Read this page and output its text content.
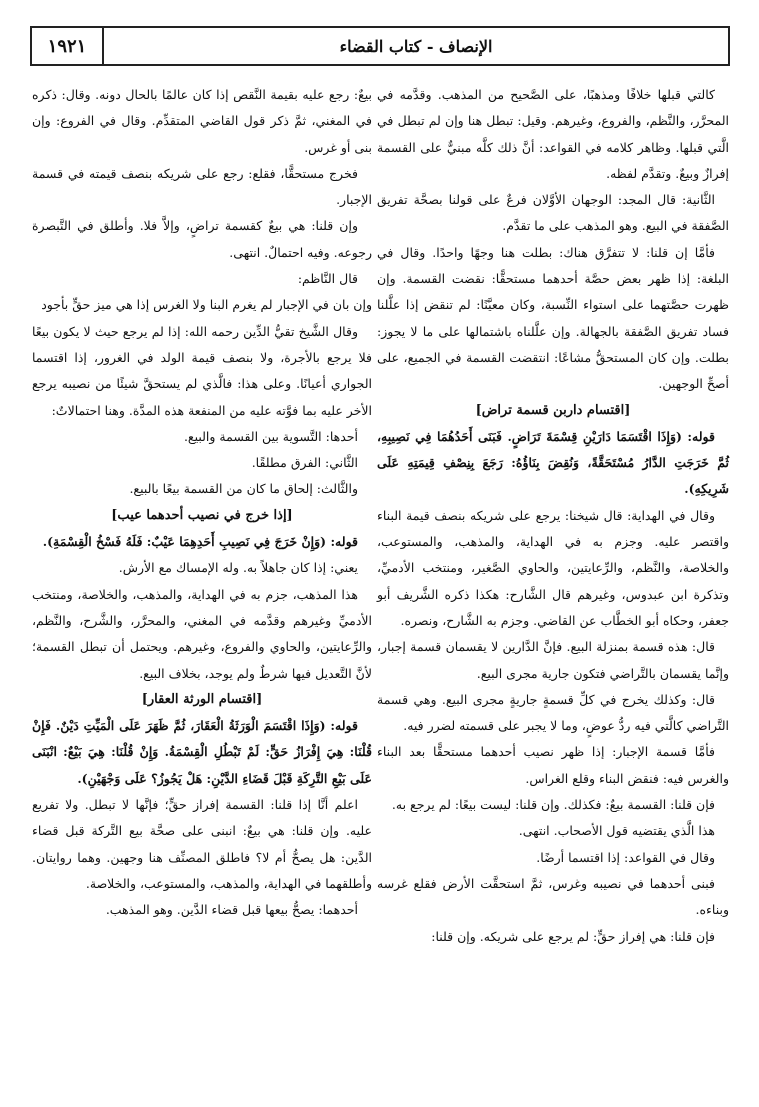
١٩٢١	الإنصاف - كتاب القضاء

كالتي قبلها خلافًا ومذهبًا، على الصَّحيح من المذهب. وقدَّمه في المحرَّر، والنَّظم، والفروع، وغيرهم. وقيل: تبطل هنا وإن لم تبطل في الَّتي قبلها. وظاهر كلامه في القواعد: أنَّ ذلك كلَّه مبنيٌّ على القسمة إفرازٌ وبيعٌ. وتقدَّم لفظه.

الثَّانية: قال المجد: الوجهان الأوَّلان فرعٌ على قولنا بصحَّة تفريق الصَّفقة في البيع. وهو المذهب على ما تقدَّم.

فأمَّا إن قلنا: لا تتفرَّق هناك: بطلت هنا وجهًا واحدًا. وقال في البلغة: إذا ظهر بعض حصَّة أحدهما مستحقًّا: نقضت القسمة. وإن ظهرت حصَّتهما على استواء النِّسبة، وكان معيَّنًا: لم تنقض إذا علَّلنا فساد تفريق الصَّفقة بالجهالة. وإن علَّلناه باشتمالها على ما لا يجوز: بطلت. وإن كان المستحقُّ مشاعًا: انتقضت القسمة في الجميع، على أصحِّ الوجهين.

[اقتسام داربن قسمة تراض]

قوله: (وَإِذَا اقْتَسَمَا دَارَيْنِ قِسْمَةَ تَرَاضٍ. فَبَنَى أَحَدُهُمَا فِي نَصِيبِهِ، ثُمَّ خَرَجَتِ الدَّارُ مُسْتَحَقَّةً، وَنُقِضَ بِنَاؤُهُ: رَجَعَ بِنِصْفِ قِيمَتِهِ عَلَى شَرِيكِهِ).

وقال في الهداية: قال شيخنا: يرجع على شريكه بنصف قيمة البناء واقتصر عليه. وجزم به في الهداية، والمذهب، والمستوعب، والخلاصة، والنَّظم، والرِّعايتين، والحاوي الصَّغير، ومنتخب الأدميِّ، وتذكرة ابن عبدوس، وغيرهم قال الشَّارح: هكذا ذكره الشَّريف أبو جعفر، وحكاه أبو الخطَّاب عن القاضي. وجزم به الشَّارح، ونصره.

قال: هذه قسمة بمنزلة البيع. فإنَّ الدَّارين لا يقسمان قسمة إجبار، وإنَّما يقسمان بالتَّراضي فتكون جارية مجرى البيع.

قال: وكذلك يخرج في كلِّ قسمةٍ جاريةٍ مجرى البيع. وهي قسمة التَّراضي كالَّتي فيه ردُّ عوضٍ، وما لا يجبر على قسمته لضرر فيه.

فأمَّا قسمة الإجبار: إذا ظهر نصيب أحدهما مستحقًّا بعد البناء والغرس فيه: فنقض البناء وقلع الغراس.

فإن قلنا: القسمة بيعٌ: فكذلك. وإن قلنا: ليست بيعًا: لم يرجع به.

هذا الَّذي يقتضيه قول الأصحاب. انتهى.

وقال في القواعد: إذا اقتسما أرضًا.

فبنى أحدهما في نصيبه وغرس، ثمَّ استحقَّت الأرض فقلع غرسه وبناءه.

فإن قلنا: هي إفراز حقٍّ: لم يرجع على شريكه. وإن قلنا:

بيعٌ: رجع عليه بقيمة النَّقص إذا كان عالمًا بالحال دونه. وقال: ذكره في المغني، ثمَّ ذكر قول القاضي المتقدِّم. وقال في الفروع: وإن بنى أو غرس.

فخرج مستحقًّا، فقلع: رجع على شريكه بنصف قيمته في قسمة الإجبار.

وإن قلنا: هي بيعٌ كقسمة تراضٍ، وإلاَّ فلا. وأطلق في التَّبصرة رجوعه. وفيه احتمالٌ. انتهى.

قال النَّاظم:

وإن بان في الإجبار لم يغرم البنا ولا الغرس إذا هي ميز حقٍّ بأجود

وقال الشَّيخ تقيُّ الدِّين رحمه الله: إذا لم يرجع حيث لا يكون بيعًا فلا يرجع بالأجرة، ولا بنصف قيمة الولد في الغرور، إذا اقتسما الجواري أعيانًا. وعلى هذا: فالَّذي لم يستحقَّ شيئًا من نصيبه يرجع الأخر عليه بما فوَّته عليه من المنفعة هذه المدَّة. وهنا احتمالاتٌ:

أحدها: التَّسوية بين القسمة والبيع.

الثَّاني: الفرق مطلقًا.

والثَّالث: إلحاق ما كان من القسمة بيعًا بالبيع.

[إذا خرج في نصيب أحدهما عيب]

قوله: (وَإِنْ خَرَجَ فِي نَصِيبِ أَحَدِهِمَا عَيْبٌ: فَلَهُ فَسْخُ الْقِسْمَةِ).

يعني: إذا كان جاهلاً به. وله الإمساك مع الأرش.

هذا المذهب، جزم به في الهداية، والمذهب، والخلاصة، ومنتخب الأدميِّ وغيرهم وقدَّمه في المغني، والمحرَّر، والشَّرح، والنَّظم، والرِّعايتين، والحاوي والفروع، وغيرهم. ويحتمل أن تبطل القسمة؛ لأنَّ التَّعديل فيها شرطٌ ولم يوجد، بخلاف البيع.

[اقتسام الورثة العقار]

قوله: (وَإِذَا اقْتَسَمَ الْوَرَثَةُ الْعَقَارَ، ثُمَّ ظَهَرَ عَلَى الْمَيِّتِ دَيْنٌ. فَإِنْ قُلْنَا: هِيَ إِفْرَازُ حَقٍّ: لَمْ تَبْطُلِ الْقِسْمَةُ. وَإِنْ قُلْنَا: هِيَ بَيْعٌ: انْبَنَى عَلَى بَيْعِ التَّرِكَةِ قَبْلَ قَضَاءِ الدَّيْنِ: هَلْ يَجُوزُ؟ عَلَى وَجْهَيْنِ).

اعلم أنَّا إذا قلنا: القسمة إفراز حقٍّ؛ فإنَّها لا تبطل. ولا تفريع عليه. وإن قلنا: هي بيعٌ: انبنى على صحَّة بيع التَّركة قبل قضاء الدَّين: هل يصحُّ أم لا؟ فاطلق المصنِّف هنا وجهين. وهما روايتان. وأطلقهما في الهداية، والمذهب، والمستوعب، والخلاصة.

أحدهما: يصحُّ بيعها قبل قضاء الدَّين. وهو المذهب.
